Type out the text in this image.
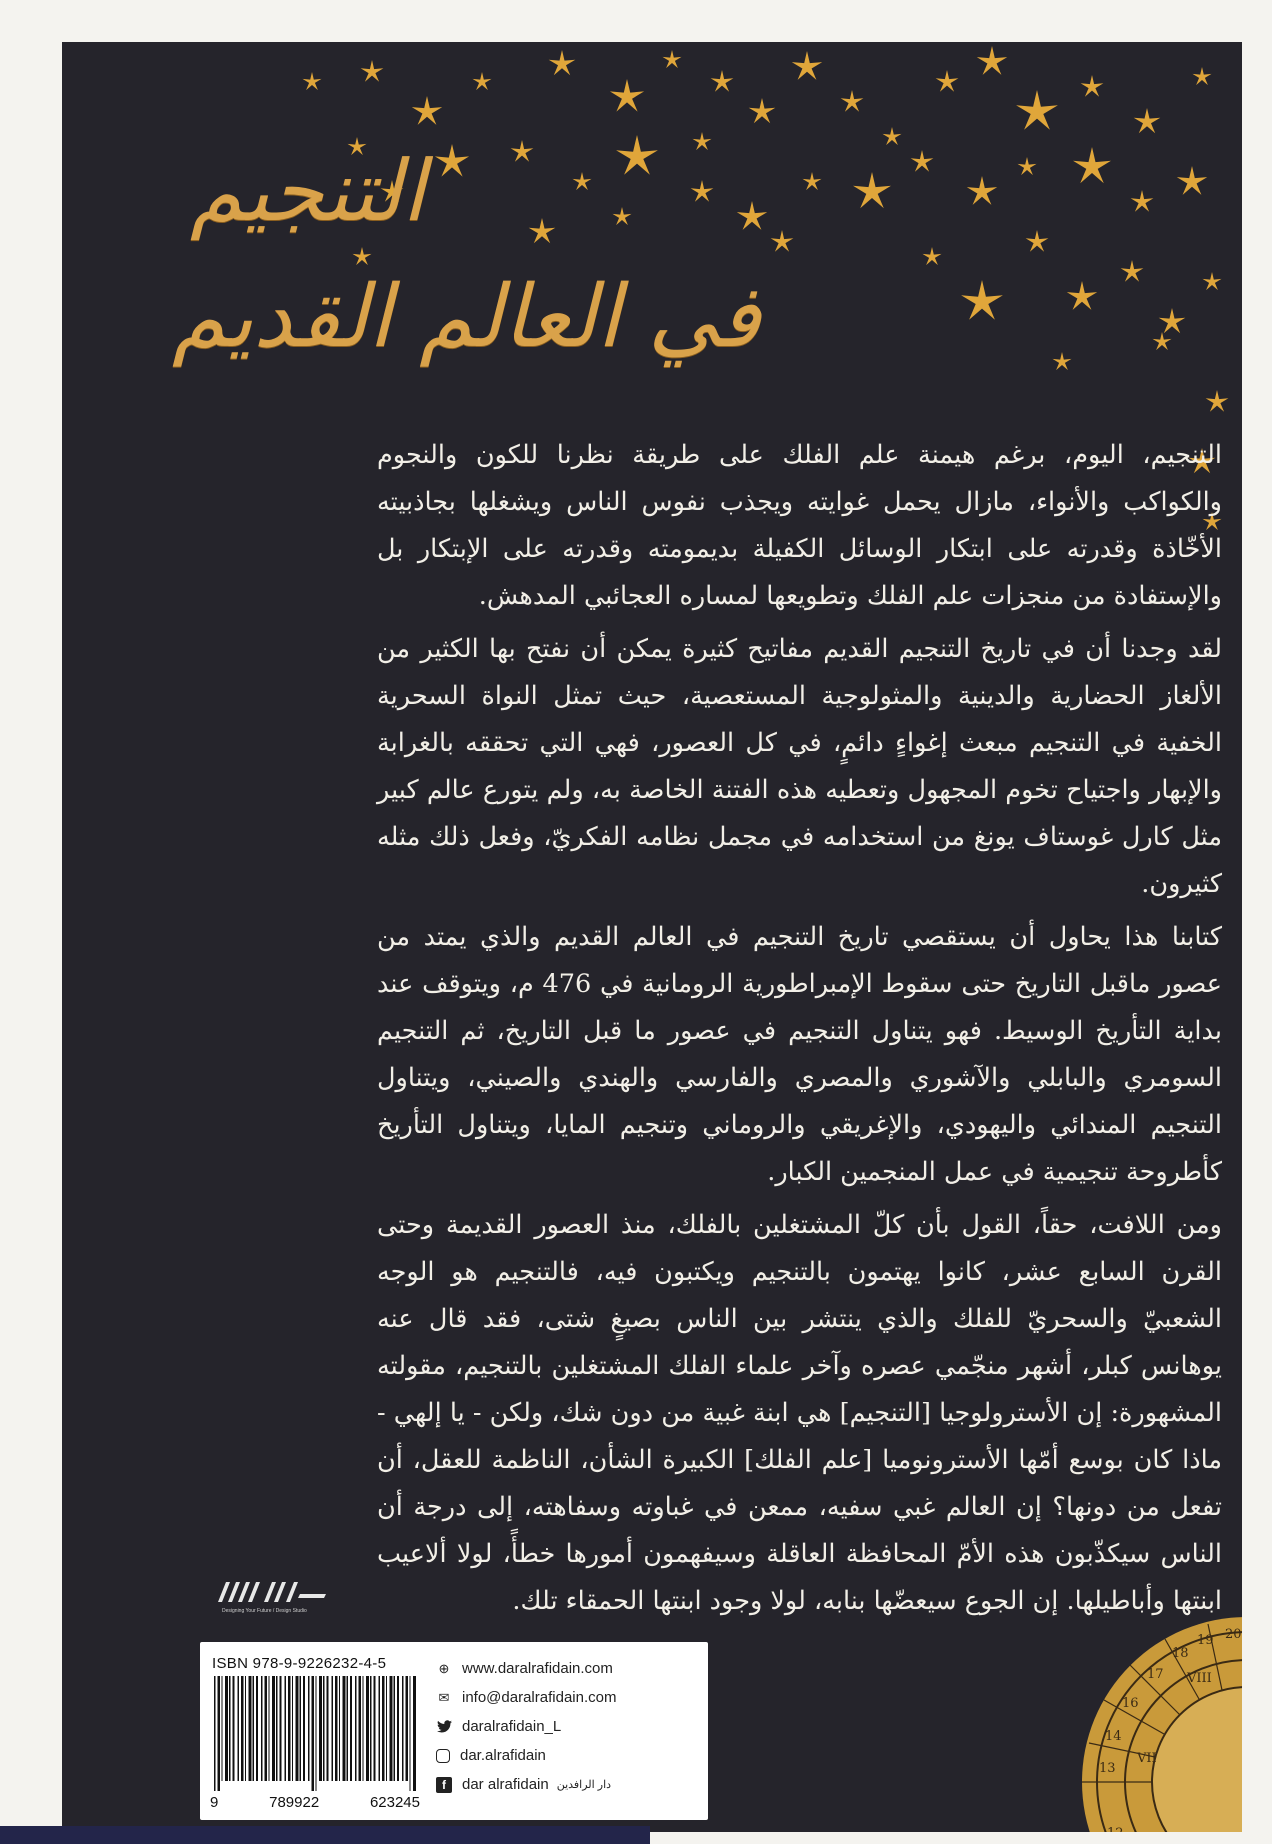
التنجيم
في العالم القديم

التنجيم، اليوم، برغم هيمنة علم الفلك على طريقة نظرنا للكون والنجوم والكواكب والأنواء، مازال يحمل غوايته ويجذب نفوس الناس ويشغلها بجاذبيته الأخّاذة وقدرته على ابتكار الوسائل الكفيلة بديمومته وقدرته على الإبتكار بل والإستفادة من منجزات علم الفلك وتطويعها لمساره العجائبي المدهش.

لقد وجدنا أن في تاريخ التنجيم القديم مفاتيح كثيرة يمكن أن نفتح بها الكثير من الألغاز الحضارية والدينية والمثولوجية المستعصية، حيث تمثل النواة السحرية الخفية في التنجيم مبعث إغواءٍ دائمٍ، في كل العصور، فهي التي تحققه بالغرابة والإبهار واجتياح تخوم المجهول وتعطيه هذه الفتنة الخاصة به، ولم يتورع عالم كبير مثل كارل غوستاف يونغ من استخدامه في مجمل نظامه الفكريّ، وفعل ذلك مثله كثيرون.

كتابنا هذا يحاول أن يستقصي تاريخ التنجيم في العالم القديم والذي يمتد من عصور ماقبل التاريخ حتى سقوط الإمبراطورية الرومانية في 476 م، ويتوقف عند بداية التأريخ الوسيط. فهو يتناول التنجيم في عصور ما قبل التاريخ، ثم التنجيم السومري والبابلي والآشوري والمصري والفارسي والهندي والصيني، ويتناول التنجيم المندائي واليهودي، والإغريقي والروماني وتنجيم المايا، ويتناول التأريخ كأطروحة تنجيمية في عمل المنجمين الكبار.

ومن اللافت، حقاً، القول بأن كلّ المشتغلين بالفلك، منذ العصور القديمة وحتى القرن السابع عشر، كانوا يهتمون بالتنجيم ويكتبون فيه، فالتنجيم هو الوجه الشعبيّ والسحريّ للفلك والذي ينتشر بين الناس بصيغٍ شتى، فقد قال عنه يوهانس كبلر، أشهر منجّمي عصره وآخر علماء الفلك المشتغلين بالتنجيم، مقولته المشهورة: إن الأسترولوجيا [التنجيم] هي ابنة غبية من دون شك، ولكن - يا إلهي - ماذا كان بوسع أمّها الأسترونوميا [علم الفلك] الكبيرة الشأن، الناظمة للعقل، أن تفعل من دونها؟ إن العالم غبي سفيه، ممعن في غباوته وسفاهته، إلى درجة أن الناس سيكذّبون هذه الأمّ المحافظة العاقلة وسيفهمون أمورها خطأً، لولا ألاعيب ابنتها وأباطيلها. إن الجوع سيعضّها بنابه، لولا وجود ابنتها الحمقاء تلك.

Designing Your Future / Design Studio
ISBN 978-9-9226232-4-5
9	789922	623245
⊕ www.daralrafidain.com
✉ info@daralrafidain.com
daralrafidain_L
dar.alrafidain
f	dar alrafidain دار الرافدين
18
19 20
16
17
14
13
12
VIII
VII
